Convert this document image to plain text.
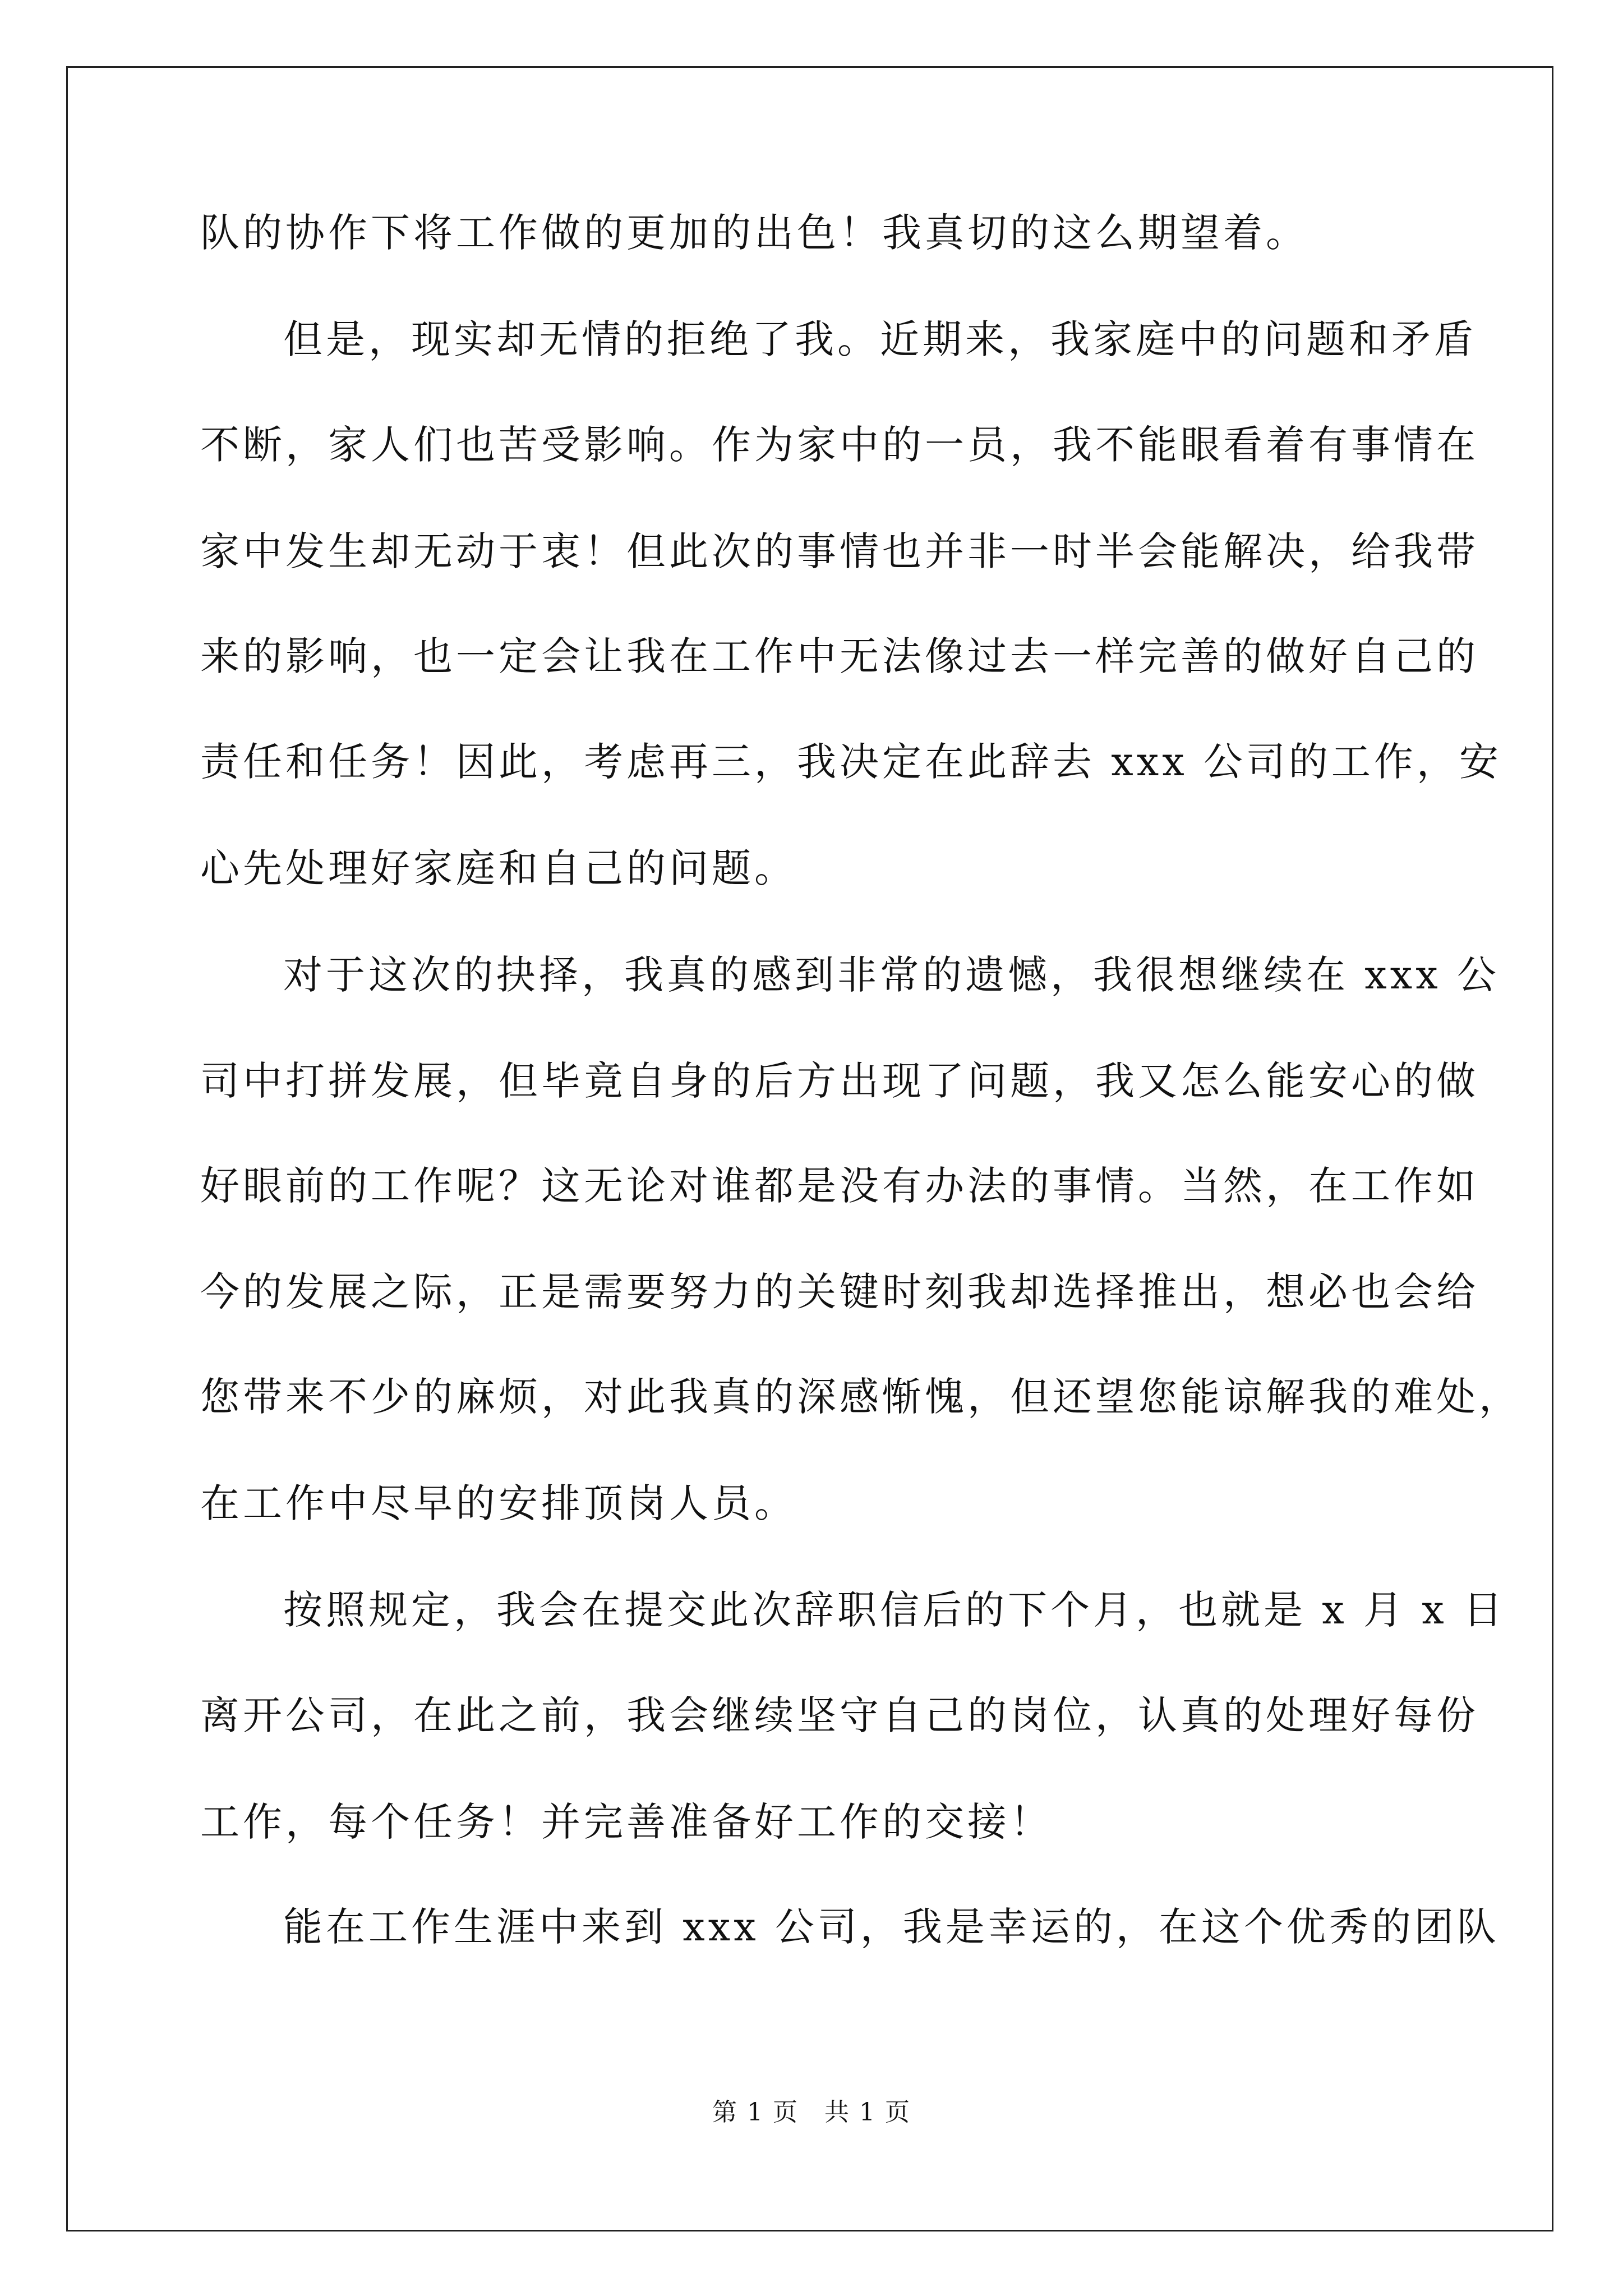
队的协作下将工作做的更加的出色！我真切的这么期望着。
但是，现实却无情的拒绝了我。近期来，我家庭中的问题和矛盾
不断，家人们也苦受影响。作为家中的一员，我不能眼看着有事情在
家中发生却无动于衷！但此次的事情也并非一时半会能解决，给我带
来的影响，也一定会让我在工作中无法像过去一样完善的做好自己的
责任和任务！因此，考虑再三，我决定在此辞去 xxx 公司的工作，安
心先处理好家庭和自己的问题。
对于这次的抉择，我真的感到非常的遗憾，我很想继续在 xxx 公
司中打拼发展，但毕竟自身的后方出现了问题，我又怎么能安心的做
好眼前的工作呢？这无论对谁都是没有办法的事情。当然，在工作如
今的发展之际，正是需要努力的关键时刻我却选择推出，想必也会给
您带来不少的麻烦，对此我真的深感惭愧，但还望您能谅解我的难处，
在工作中尽早的安排顶岗人员。
按照规定，我会在提交此次辞职信后的下个月，也就是 x 月 x 日
离开公司，在此之前，我会继续坚守自己的岗位，认真的处理好每份
工作，每个任务！并完善准备好工作的交接！
能在工作生涯中来到 xxx 公司，我是幸运的，在这个优秀的团队
第 1 页　共 1 页
